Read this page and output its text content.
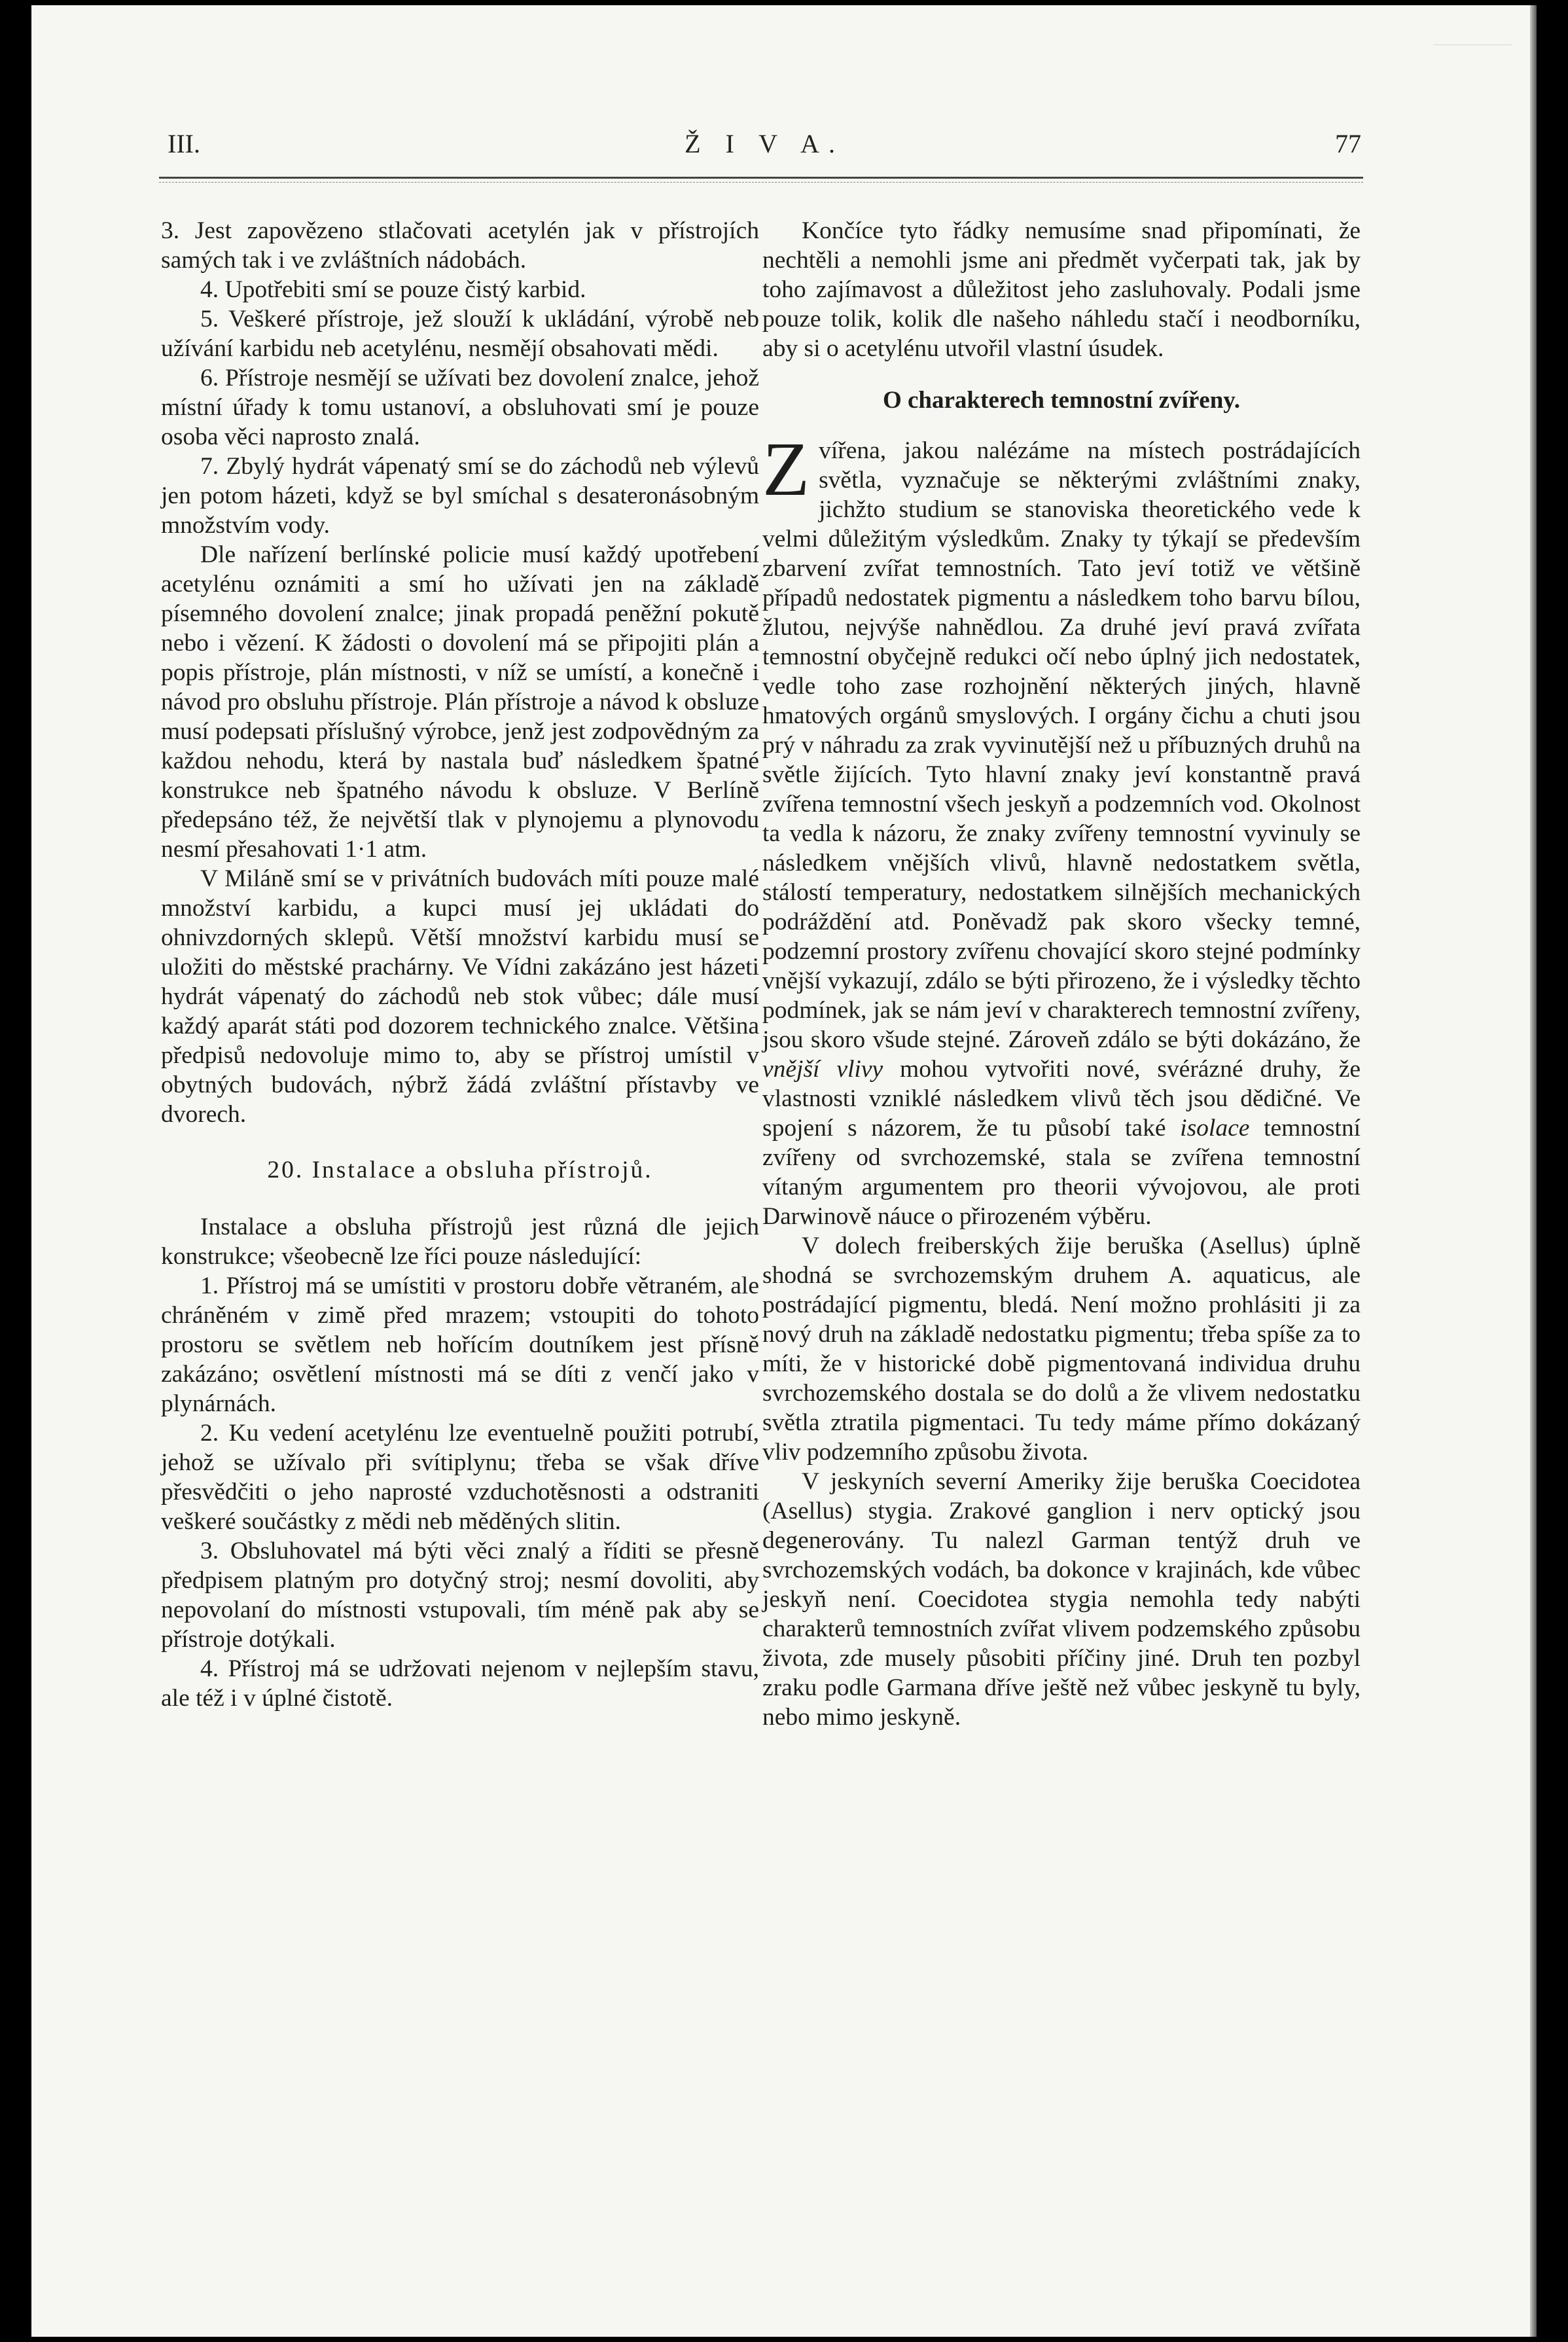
III.	Ž I V A.	77

3. Jest zapovězeno stlačovati acetylén jak v přístrojích samých tak i ve zvláštních nádobách.

4. Upotřebiti smí se pouze čistý karbid.

5. Veškeré přístroje, jež slouží k ukládání, výrobě neb užívání karbidu neb acetylénu, nesmějí obsahovati mědi.

6. Přístroje nesmějí se užívati bez dovolení znalce, jehož místní úřady k tomu ustanoví, a obsluhovati smí je pouze osoba věci naprosto znalá.

7. Zbylý hydrát vápenatý smí se do záchodů neb výlevů jen potom házeti, když se byl smíchal s desateronásobným množstvím vody.

Dle nařízení berlínské policie musí každý upotřebení acetylénu oznámiti a smí ho užívati jen na základě písemného dovolení znalce; jinak propadá peněžní pokutě nebo i vězení. K žádosti o dovolení má se připojiti plán a popis přístroje, plán místnosti, v níž se umístí, a konečně i návod pro obsluhu přístroje. Plán přístroje a návod k obsluze musí podepsati příslušný výrobce, jenž jest zodpovědným za každou nehodu, která by nastala buď následkem špatné konstrukce neb špatného návodu k obsluze. V Berlíně předepsáno též, že největší tlak v plynojemu a plynovodu nesmí přesahovati 1·1 atm.

V Miláně smí se v privátních budovách míti pouze malé množství karbidu, a kupci musí jej ukládati do ohnivzdorných sklepů. Větší množství karbidu musí se uložiti do městské prachárny. Ve Vídni zakázáno jest házeti hydrát vápenatý do záchodů neb stok vůbec; dále musí každý aparát státi pod dozorem technického znalce. Většina předpisů nedovoluje mimo to, aby se přístroj umístil v obytných budovách, nýbrž žádá zvláštní přístavby ve dvorech.

20. Instalace a obsluha přístrojů.

Instalace a obsluha přístrojů jest různá dle jejich konstrukce; všeobecně lze říci pouze následující:

1. Přístroj má se umístiti v prostoru dobře větraném, ale chráněném v zimě před mrazem; vstoupiti do tohoto prostoru se světlem neb hořícím doutníkem jest přísně zakázáno; osvětlení místnosti má se díti z venčí jako v plynárnách.

2. Ku vedení acetylénu lze eventuelně použiti potrubí, jehož se užívalo při svítiplynu; třeba se však dříve přesvědčiti o jeho naprosté vzduchotěsnosti a odstraniti veškeré součástky z mědi neb měděných slitin.

3. Obsluhovatel má býti věci znalý a říditi se přesně předpisem platným pro dotyčný stroj; nesmí dovoliti, aby nepovolaní do místnosti vstupovali, tím méně pak aby se přístroje dotýkali.

4. Přístroj má se udržovati nejenom v nejlepším stavu, ale též i v úplné čistotě.

Končíce tyto řádky nemusíme snad připomínati, že nechtěli a nemohli jsme ani předmět vyčerpati tak, jak by toho zajímavost a důležitost jeho zasluhovaly. Podali jsme pouze tolik, kolik dle našeho náhledu stačí i neodborníku, aby si o acetylénu utvořil vlastní úsudek.

O charakterech temnostní zvířeny.

Zvířena, jakou nalézáme na místech postrádajících světla, vyznačuje se některými zvláštními znaky, jichžto studium se stanoviska theoretického vede k velmi důležitým výsledkům. Znaky ty týkají se především zbarvení zvířat temnostních. Tato jeví totiž ve většině případů nedostatek pigmentu a následkem toho barvu bílou, žlutou, nejvýše nahnědlou. Za druhé jeví pravá zvířata temnostní obyčejně redukci očí nebo úplný jich nedostatek, vedle toho zase rozhojnění některých jiných, hlavně hmatových orgánů smyslových. I orgány čichu a chuti jsou prý v náhradu za zrak vyvinutější než u příbuzných druhů na světle žijících. Tyto hlavní znaky jeví konstantně pravá zvířena temnostní všech jeskyň a podzemních vod. Okolnost ta vedla k názoru, že znaky zvířeny temnostní vyvinuly se následkem vnějších vlivů, hlavně nedostatkem světla, stálostí temperatury, nedostatkem silnějších mechanických podráždění atd. Poněvadž pak skoro všecky temné, podzemní prostory zvířenu chovající skoro stejné podmínky vnější vykazují, zdálo se býti přirozeno, že i výsledky těchto podmínek, jak se nám jeví v charakterech temnostní zvířeny, jsou skoro všude stejné. Zároveň zdálo se býti dokázáno, že vnější vlivy mohou vytvořiti nové, svérázné druhy, že vlastnosti vzniklé následkem vlivů těch jsou dědičné. Ve spojení s názorem, že tu působí také isolace temnostní zvířeny od svrchozemské, stala se zvířena temnostní vítaným argumentem pro theorii vývojovou, ale proti Darwinově náuce o přirozeném výběru.

V dolech freiberských žije beruška (Asellus) úplně shodná se svrchozemským druhem A. aquaticus, ale postrádající pigmentu, bledá. Není možno prohlásiti ji za nový druh na základě nedostatku pigmentu; třeba spíše za to míti, že v historické době pigmentovaná individua druhu svrchozemského dostala se do dolů a že vlivem nedostatku světla ztratila pigmentaci. Tu tedy máme přímo dokázaný vliv podzemního způsobu života.

V jeskyních severní Ameriky žije beruška Coecidotea (Asellus) stygia. Zrakové ganglion i nerv optický jsou degenerovány. Tu nalezl Garman tentýž druh ve svrchozemských vodách, ba dokonce v krajinách, kde vůbec jeskyň není. Coecidotea stygia nemohla tedy nabýti charakterů temnostních zvířat vlivem podzemského způsobu života, zde musely působiti příčiny jiné. Druh ten pozbyl zraku podle Garmana dříve ještě než vůbec jeskyně tu byly, nebo mimo jeskyně.
